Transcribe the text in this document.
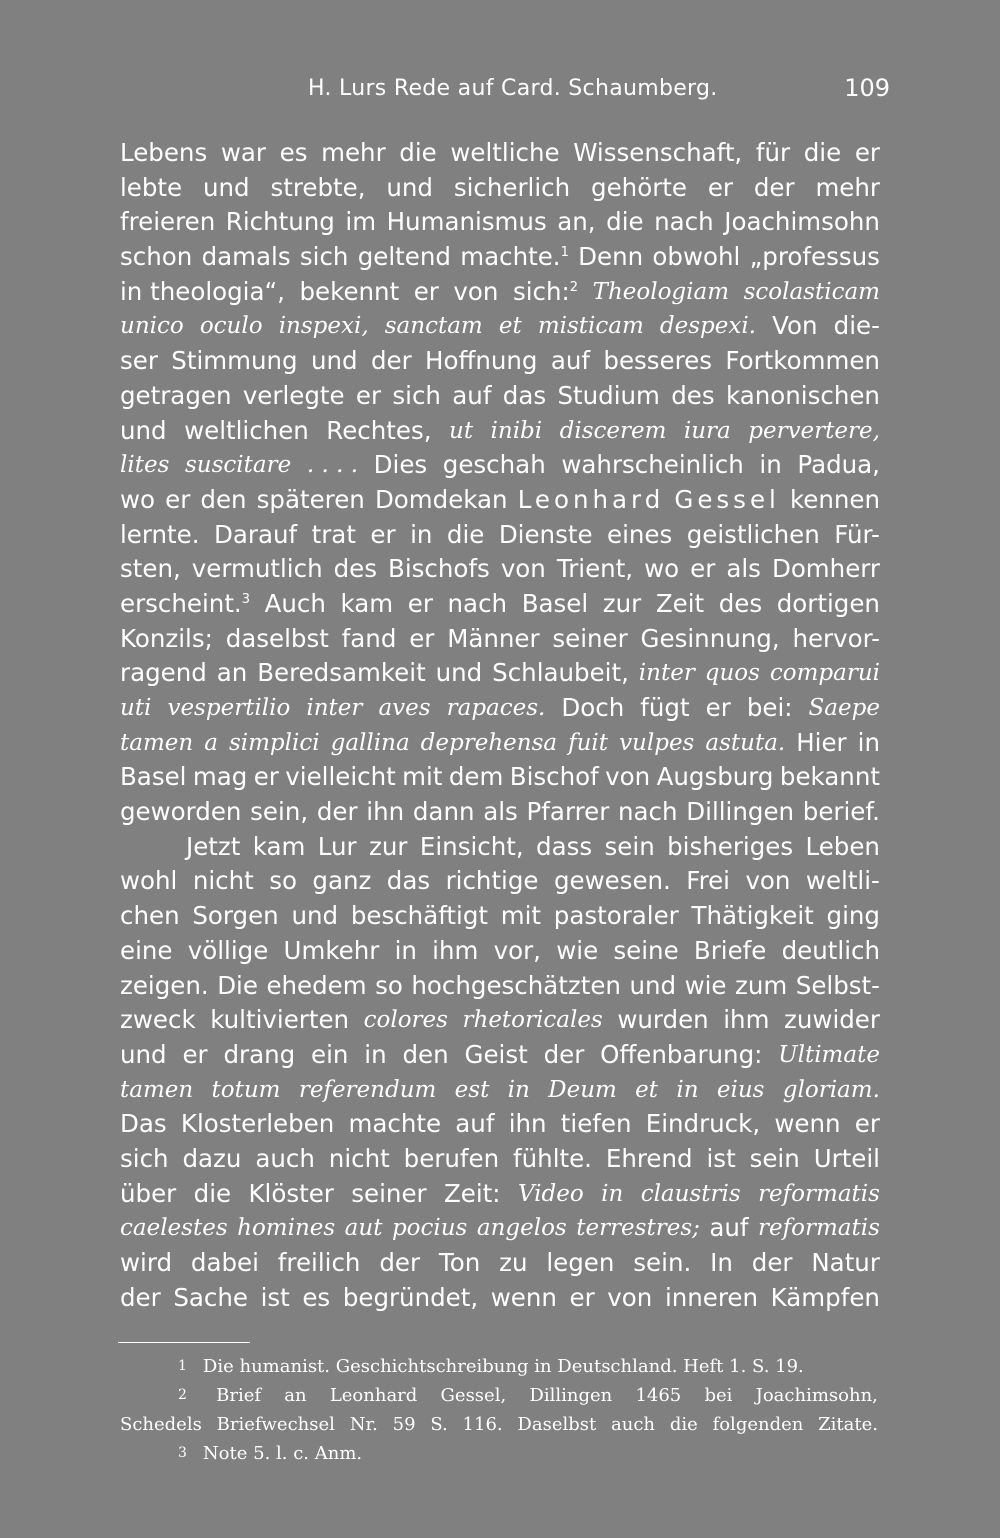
H. Lurs Rede auf Card. Schaumberg.	109
Lebens war es mehr die weltliche Wissenschaft, für die er
lebte und strebte, und sicherlich gehörte er der mehr
freieren Richtung im Humanismus an, die nach Joachimsohn
schon damals sich geltend machte.$^1$ Denn obwohl „professus
in theologia“, bekennt er von sich:$^2$ Theologiam scolasticam
unico oculo inspexi, sanctam et misticam despexi. Von die-
ser Stimmung und der Hoffnung auf besseres Fortkommen
getragen verlegte er sich auf das Studium des kanonischen
und weltlichen Rechtes, ut inibi discerem iura pervertere,
lites suscitare . . . . Dies geschah wahrscheinlich in Padua,
wo er den späteren Domdekan Leonhard Gessel kennen
lernte. Darauf trat er in die Dienste eines geistlichen Für-
sten, vermutlich des Bischofs von Trient, wo er als Domherr
erscheint.$^3$ Auch kam er nach Basel zur Zeit des dortigen
Konzils; daselbst fand er Männer seiner Gesinnung, hervor-
ragend an Beredsamkeit und Schlaubeit, inter quos comparui
uti vespertilio inter aves rapaces. Doch fügt er bei: Saepe
tamen a simplici gallina deprehensa fuit vulpes astuta. Hier in
Basel mag er vielleicht mit dem Bischof von Augsburg bekannt
geworden sein, der ihn dann als Pfarrer nach Dillingen berief.
Jetzt kam Lur zur Einsicht, dass sein bisheriges Leben
wohl nicht so ganz das richtige gewesen. Frei von weltli-
chen Sorgen und beschäftigt mit pastoraler Thätigkeit ging
eine völlige Umkehr in ihm vor, wie seine Briefe deutlich
zeigen. Die ehedem so hochgeschätzten und wie zum Selbst-
zweck kultivierten colores rhetoricales wurden ihm zuwider
und er drang ein in den Geist der Offenbarung: Ultimate
tamen totum referendum est in Deum et in eius gloriam.
Das Klosterleben machte auf ihn tiefen Eindruck, wenn er
sich dazu auch nicht berufen fühlte. Ehrend ist sein Urteil
über die Klöster seiner Zeit: Video in claustris reformatis
caelestes homines aut pocius angelos terrestres; auf reformatis
wird dabei freilich der Ton zu legen sein. In der Natur
der Sache ist es begründet, wenn er von inneren Kämpfen
1 Die humanist. Geschichtschreibung in Deutschland. Heft 1. S. 19.
2 Brief an Leonhard Gessel, Dillingen 1465 bei Joachimsohn,
Schedels Briefwechsel Nr. 59 S. 116. Daselbst auch die folgenden Zitate.
3 Note 5. l. c. Anm.
